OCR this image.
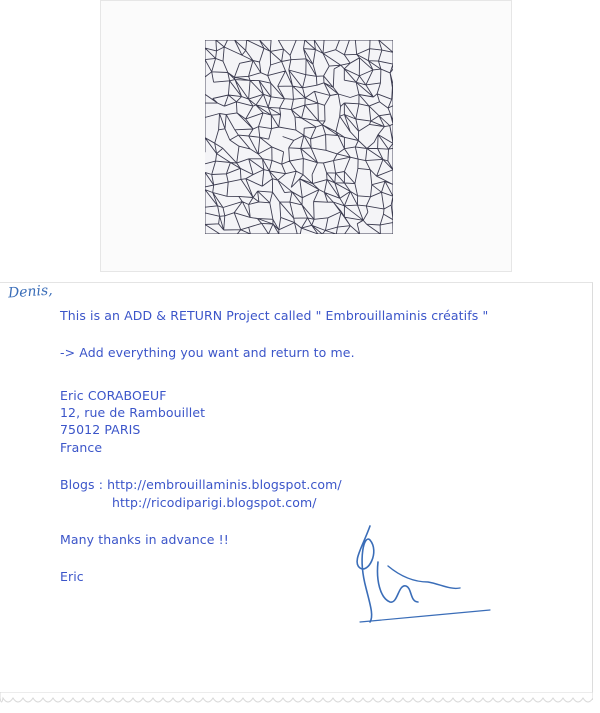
Denis,
This is an ADD & RETURN Project called " Embrouillaminis créatifs "
-> Add everything you want and return to me.
Eric CORABOEUF
12, rue de Rambouillet
75012 PARIS
France
Blogs : http://embrouillaminis.blogspot.com/
http://ricodiparigi.blogspot.com/
Many thanks in advance !!
Eric
